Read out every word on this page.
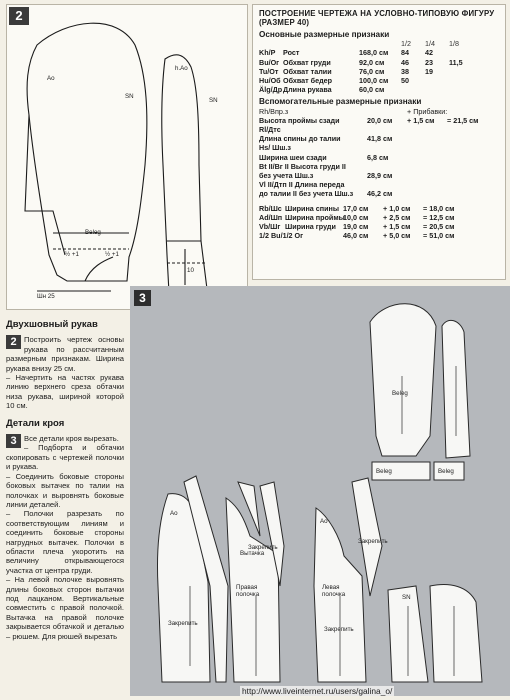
2
Ao
SN
Beleg
½ +1	½ +1
10
Шн 25
h.Ao
SN
ПОСТРОЕНИЕ ЧЕРТЕЖА НА УСЛОВНО-ТИПОВУЮ ФИГУРУ (РАЗМЕР 40)
Основные размерные признаки
1/2	1/4	1/8
Kh/P	Рост	168,0 см	84	42
Bu/Ог Обхват груди	92,0 см	46	23	11,5
Tu/От Обхват талии	76,0 см	38	19
Hu/Об Обхват бедер	100,0 см	50
Älg/Др Длина рукава	60,0 см
Вспомогательные размерные признаки
Rh/Впр.з	+ Прибавки:
Высота проймы сзади	20,0 см	+ 1,5 см	= 21,5 см
Rl/Дтс
Длина спины до талии	41,8 см
Hs/ Шш.з
Ширина шеи сзади	6,8 см
Bt II/Вг II Высота груди II
без учета Шш.з	28,9 см
Vl II/Дтп II Длина переда
до талии II без учета Шш.з	46,2 см
Rb/Шс Ширина спины 17,0 см	+ 1,0 см	= 18,0 см
Ad/Шп Ширина проймы
10,0 см	+ 2,5 см	= 12,5 см
Vb/Шг Ширина груди 19,0 см	+ 1,5 см	= 20,5 см
1/2 Bu/1/2 Ог	46,0 см	+ 5,0 см	= 51,0 см
Двухшовный рукав
2 Построить чертеж основы рукава по рассчитанным размерным признакам. Ширина рукава внизу 25 см.
– Начертить на частях рукава линию верхнего среза обтачки низа рукава, шириной которой 10 см.
Детали кроя
3 Все детали кроя вырезать.
– Подборта и обтачки скопировать с чертежей полочки и рукава.
– Соединить боковые стороны боковых вытачек по талии на полочках и выровнять боковые линии деталей.
– Полочки разрезать по соответствующим линиям и соединить боковые стороны нагрудных вытачек. Полочки в области плеча укоротить на величину открывающегося участка от центра груди.
– На левой полочке выровнять длины боковых сторон вытачки под лацканом. Вертикальные совместить с правой полочкой. Вытачка на правой полочке закрывается обтачкой и деталью – рюшем. Для рюшей вырезать
3
Закрепить
Закрепить
Закрепить
Закрепить
Вытачка
Правая полочка
Левая полочка
Beleg
Beleg
Beleg
Ao
Ao
SN
http://www.liveinternet.ru/users/galina_o/
